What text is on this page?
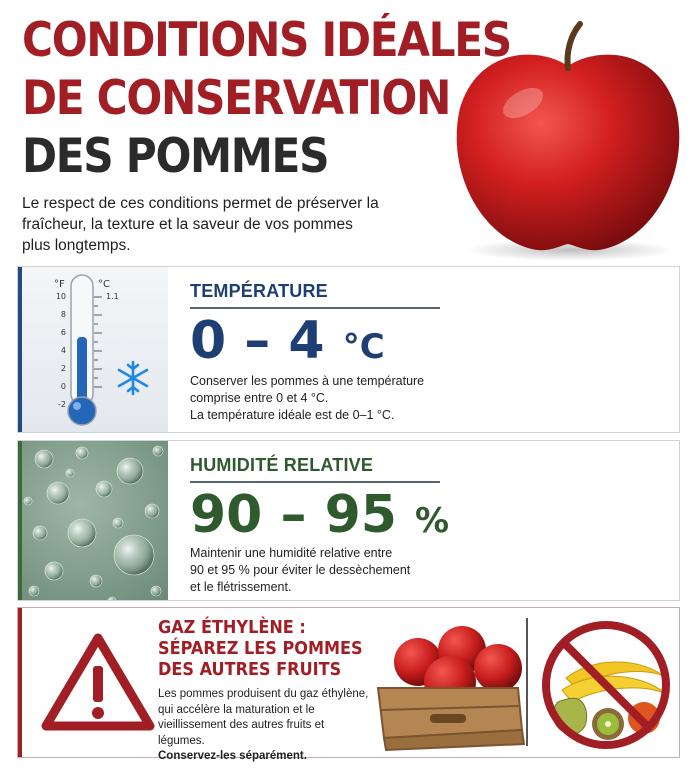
CONDITIONS IDÉALES
DE CONSERVATION
DES POMMES

Le respect de ces conditions permet de préserver la fraîcheur, la texture et la saveur de vos pommes plus longtemps.

°F	°C
10
8
6
4
2
0
-2
1.1	TEMPÉRATURE

0 – 4 °C

Conserver les pommes à une température
comprise entre 0 et 4 °C.
La température idéale est de 0–1 °C.

HUMIDITÉ RELATIVE

90 – 95 %

Maintenir une humidité relative entre
90 et 95 % pour éviter le dessèchement
et le flétrissement.

GAZ ÉTHYLÈNE :
SÉPAREZ LES POMMES
DES AUTRES FRUITS

Les pommes produisent du gaz éthylène, qui accélère la maturation et le vieillissement des autres fruits et légumes.
Conservez-les séparément.
